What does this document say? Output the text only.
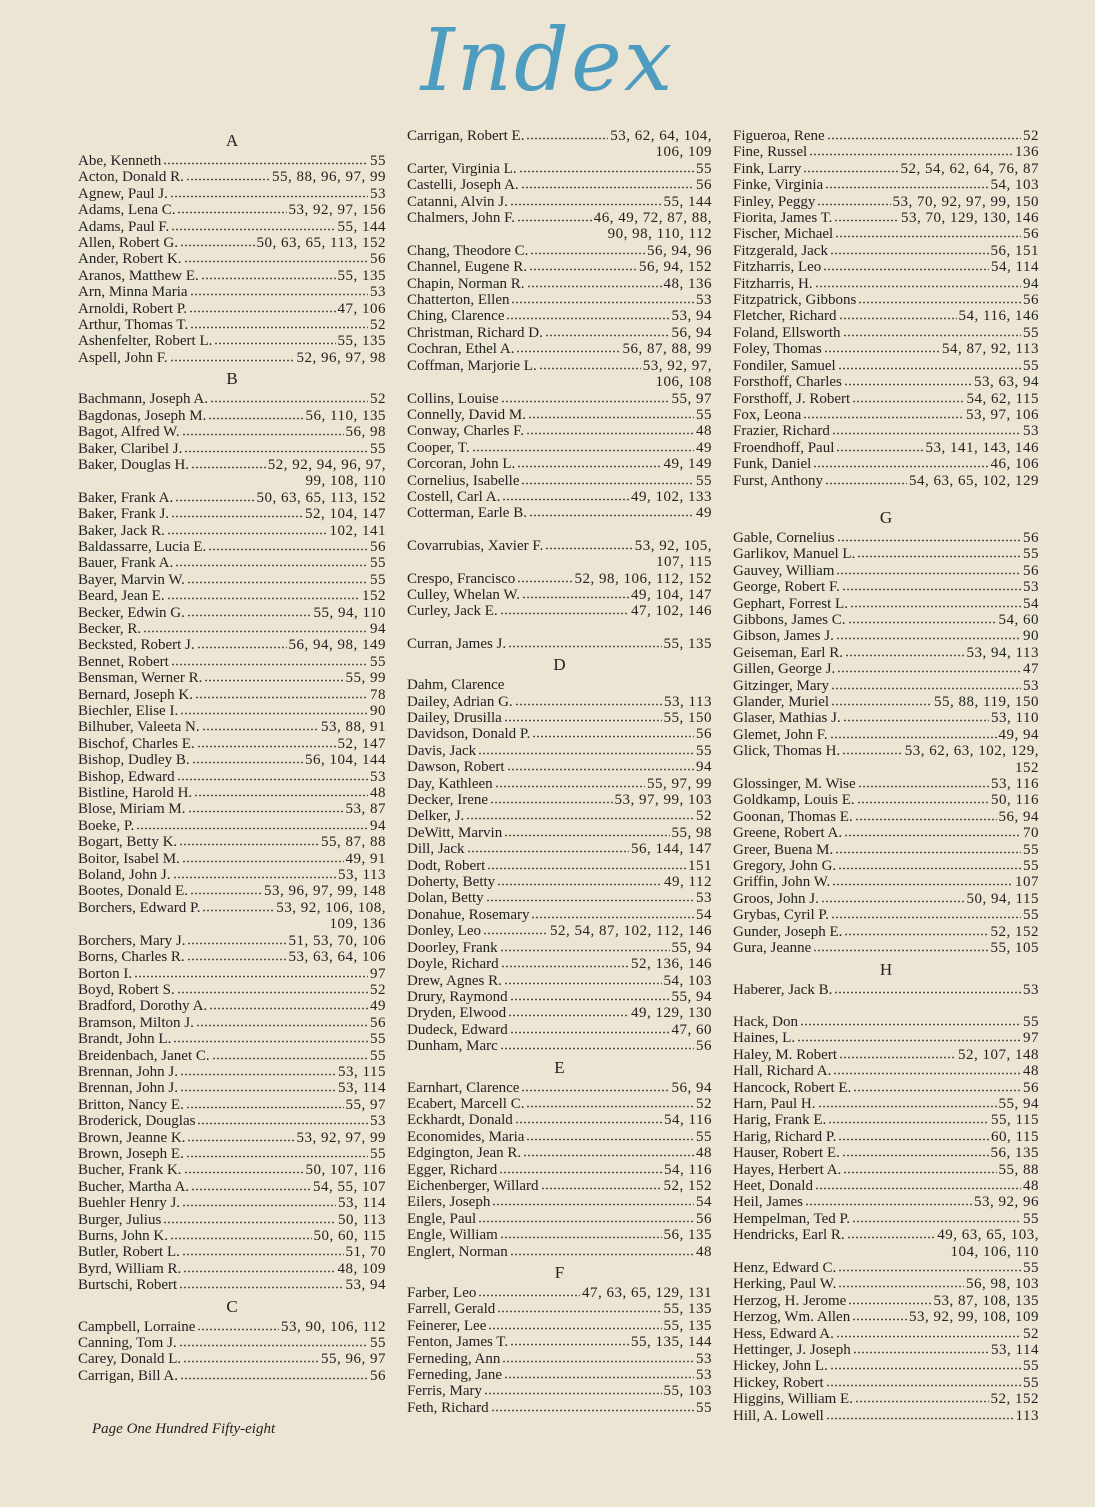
Index
A
Abe, Kenneth	55
Acton, Donald R.	55, 88, 96, 97, 99
Agnew, Paul J.	53
Adams, Lena C.	53, 92, 97, 156
Adams, Paul F.	55, 144
Allen, Robert G.	50, 63, 65, 113, 152
Ander, Robert K.	56
Aranos, Matthew E.	55, 135
Arn, Minna Maria	53
Arnoldi, Robert P.	47, 106
Arthur, Thomas T.	52
Ashenfelter, Robert L.	55, 135
Aspell, John F.	52, 96, 97, 98
B
Bachmann, Joseph A.	52
Bagdonas, Joseph M.	56, 110, 135
Bagot, Alfred W.	56, 98
Baker, Claribel J.	55
Baker, Douglas H.	52, 92, 94, 96, 97,
99, 108, 110
Baker, Frank A.	50, 63, 65, 113, 152
Baker, Frank J.	52, 104, 147
Baker, Jack R.	102, 141
Baldassarre, Lucia E.	56
Bauer, Frank A.	55
Bayer, Marvin W.	55
Beard, Jean E.	152
Becker, Edwin G.	55, 94, 110
Becker, R.	94
Becksted, Robert J.	56, 94, 98, 149
Bennet, Robert	55
Bensman, Werner R.	55, 99
Bernard, Joseph K.	78
Biechler, Elise I.	90
Bilhuber, Valeeta N.	53, 88, 91
Bischof, Charles E.	52, 147
Bishop, Dudley B.	56, 104, 144
Bishop, Edward	53
Bistline, Harold H.	48
Blose, Miriam M.	53, 87
Boeke, P.	94
Bogart, Betty K.	55, 87, 88
Boitor, Isabel M.	49, 91
Boland, John J.	53, 113
Bootes, Donald E.	53, 96, 97, 99, 148
Borchers, Edward P.	53, 92, 106, 108,
109, 136
Borchers, Mary J.	51, 53, 70, 106
Borns, Charles R.	53, 63, 64, 106
Borton I.	97
Boyd, Robert S.	52
Bradford, Dorothy A.	49
Bramson, Milton J.	56
Brandt, John L.	55
Breidenbach, Janet C.	55
Brennan, John J.	53, 115
Brennan, John J.	53, 114
Britton, Nancy E.	55, 97
Broderick, Douglas	53
Brown, Jeanne K.	53, 92, 97, 99
Brown, Joseph E.	55
Bucher, Frank K.	50, 107, 116
Bucher, Martha A.	54, 55, 107
Buehler Henry J.	53, 114
Burger, Julius	50, 113
Burns, John K.	50, 60, 115
Butler, Robert L.	51, 70
Byrd, William R.	48, 109
Burtschi, Robert	53, 94
C
Campbell, Lorraine	53, 90, 106, 112
Canning, Tom J.	55
Carey, Donald L.	55, 96, 97
Carrigan, Bill A.	56
Carrigan, Robert E.	53, 62, 64, 104,
106, 109
Carter, Virginia L.	55
Castelli, Joseph A.	56
Catanni, Alvin J.	55, 144
Chalmers, John F.	46, 49, 72, 87, 88,
90, 98, 110, 112
Chang, Theodore C.	56, 94, 96
Channel, Eugene R.	56, 94, 152
Chapin, Norman R.	48, 136
Chatterton, Ellen	53
Ching, Clarence	53, 94
Christman, Richard D.	56, 94
Cochran, Ethel A.	56, 87, 88, 99
Coffman, Marjorie L.	53, 92, 97,
106, 108
Collins, Louise	55, 97
Connelly, David M.	55
Conway, Charles F.	48
Cooper, T.	49
Corcoran, John L.	49, 149
Cornelius, Isabelle	55
Costell, Carl A.	49, 102, 133
Cotterman, Earle B.	49
Covarrubias, Xavier F.	53, 92, 105,
107, 115
Crespo, Francisco	52, 98, 106, 112, 152
Culley, Whelan W.	49, 104, 147
Curley, Jack E.	47, 102, 146
Curran, James J.	55, 135
D
Dahm, Clarence
Dailey, Adrian G.	53, 113
Dailey, Drusilla	55, 150
Davidson, Donald P.	56
Davis, Jack	55
Dawson, Robert	94
Day, Kathleen	55, 97, 99
Decker, Irene	53, 97, 99, 103
Delker, J.	52
DeWitt, Marvin	55, 98
Dill, Jack	56, 144, 147
Dodt, Robert	151
Doherty, Betty	49, 112
Dolan, Betty	53
Donahue, Rosemary	54
Donley, Leo	52, 54, 87, 102, 112, 146
Doorley, Frank	55, 94
Doyle, Richard	52, 136, 146
Drew, Agnes R.	54, 103
Drury, Raymond	55, 94
Dryden, Elwood	49, 129, 130
Dudeck, Edward	47, 60
Dunham, Marc	56
E
Earnhart, Clarence	56, 94
Ecabert, Marcell C.	52
Eckhardt, Donald	54, 116
Economides, Maria	55
Edgington, Jean R.	48
Egger, Richard	54, 116
Eichenberger, Willard	52, 152
Eilers, Joseph	54
Engle, Paul	56
Engle, William	56, 135
Englert, Norman	48
F
Farber, Leo	47, 63, 65, 129, 131
Farrell, Gerald	55, 135
Feinerer, Lee	55, 135
Fenton, James T.	55, 135, 144
Ferneding, Ann	53
Ferneding, Jane	53
Ferris, Mary	55, 103
Feth, Richard	55
Figueroa, Rene	52
Fine, Russel	136
Fink, Larry	52, 54, 62, 64, 76, 87
Finke, Virginia	54, 103
Finley, Peggy	53, 70, 92, 97, 99, 150
Fiorita, James T.	53, 70, 129, 130, 146
Fischer, Michael	56
Fitzgerald, Jack	56, 151
Fitzharris, Leo	54, 114
Fitzharris, H.	94
Fitzpatrick, Gibbons	56
Fletcher, Richard	54, 116, 146
Foland, Ellsworth	55
Foley, Thomas	54, 87, 92, 113
Fondiler, Samuel	55
Forsthoff, Charles	53, 63, 94
Forsthoff, J. Robert	54, 62, 115
Fox, Leona	53, 97, 106
Frazier, Richard	53
Froendhoff, Paul	53, 141, 143, 146
Funk, Daniel	46, 106
Furst, Anthony	54, 63, 65, 102, 129
G
Gable, Cornelius	56
Garlikov, Manuel L.	55
Gauvey, William	56
George, Robert F.	53
Gephart, Forrest L.	54
Gibbons, James C.	54, 60
Gibson, James J.	90
Geiseman, Earl R.	53, 94, 113
Gillen, George J.	47
Gitzinger, Mary	53
Glander, Muriel	55, 88, 119, 150
Glaser, Mathias J.	53, 110
Glemet, John F.	49, 94
Glick, Thomas H.	53, 62, 63, 102, 129,
152
Glossinger, M. Wise	53, 116
Goldkamp, Louis E.	50, 116
Goonan, Thomas E.	56, 94
Greene, Robert A.	70
Greer, Buena M.	55
Gregory, John G.	55
Griffin, John W.	107
Groos, John J.	50, 94, 115
Grybas, Cyril P.	55
Gunder, Joseph E.	52, 152
Gura, Jeanne	55, 105
H
Haberer, Jack B.	53
Hack, Don	55
Haines, L.	97
Haley, M. Robert	52, 107, 148
Hall, Richard A.	48
Hancock, Robert E.	56
Harn, Paul H.	55, 94
Harig, Frank E.	55, 115
Harig, Richard P.	60, 115
Hauser, Robert E.	56, 135
Hayes, Herbert A.	55, 88
Heet, Donald	48
Heil, James	53, 92, 96
Hempelman, Ted P.	55
Hendricks, Earl R.	49, 63, 65, 103,
104, 106, 110
Henz, Edward C.	55
Herking, Paul W.	56, 98, 103
Herzog, H. Jerome	53, 87, 108, 135
Herzog, Wm. Allen	53, 92, 99, 108, 109
Hess, Edward A.	52
Hettinger, J. Joseph	53, 114
Hickey, John L.	55
Hickey, Robert	55
Higgins, William E.	52, 152
Hill, A. Lowell	113
Page One Hundred Fifty-eight
